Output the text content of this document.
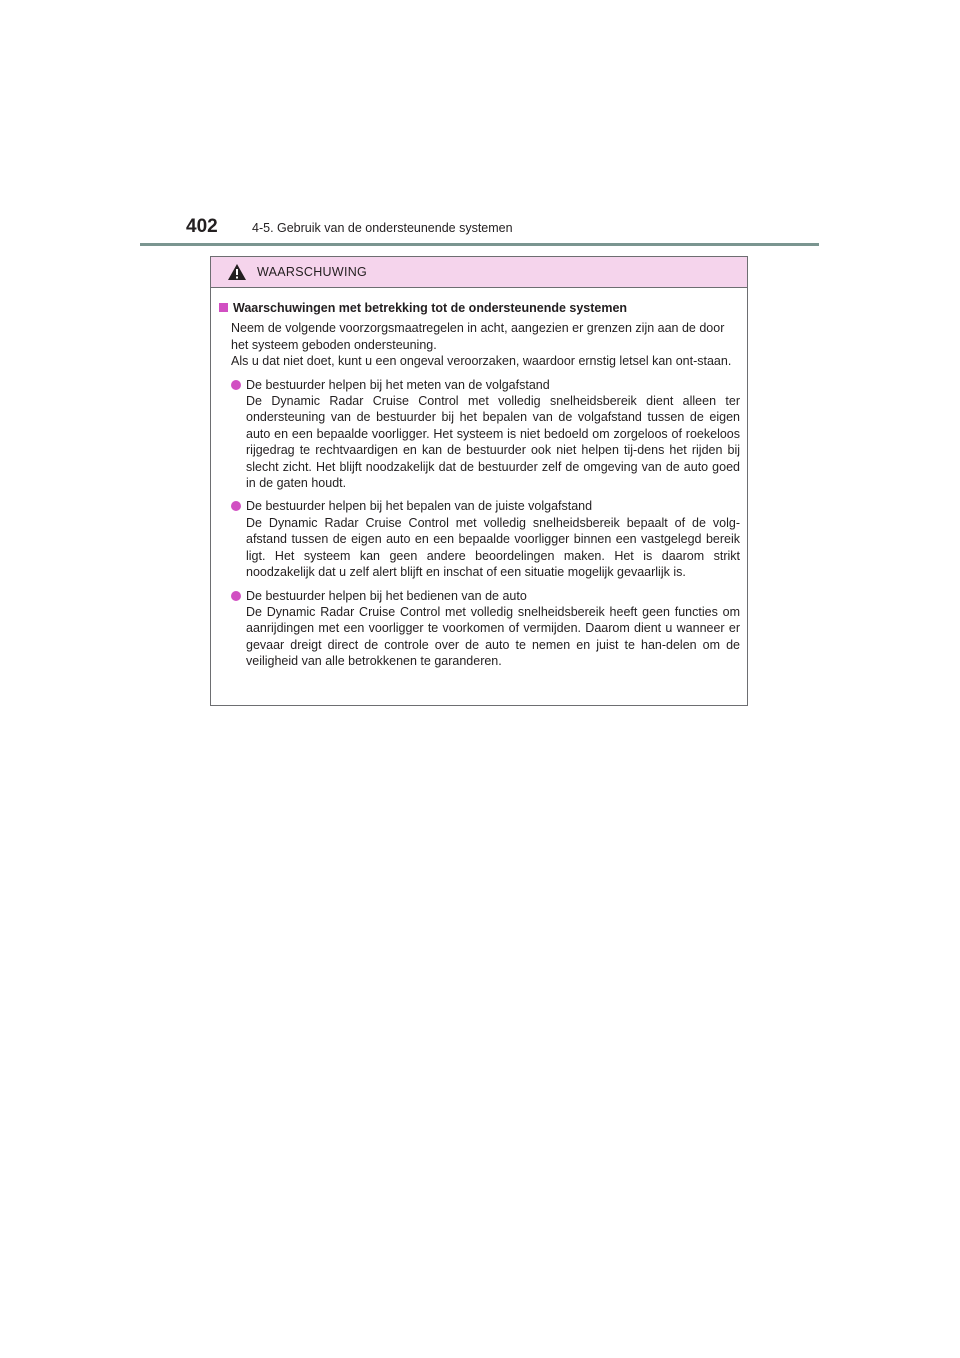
402	4-5. Gebruik van de ondersteunende systemen
WAARSCHUWING
Waarschuwingen met betrekking tot de ondersteunende systemen

Neem de volgende voorzorgsmaatregelen in acht, aangezien er grenzen zijn aan de door het systeem geboden ondersteuning.

Als u dat niet doet, kunt u een ongeval veroorzaken, waardoor ernstig letsel kan ont-staan.

De bestuurder helpen bij het meten van de volgafstand
De Dynamic Radar Cruise Control met volledig snelheidsbereik dient alleen ter ondersteuning van de bestuurder bij het bepalen van de volgafstand tussen de eigen auto en een bepaalde voorligger. Het systeem is niet bedoeld om zorgeloos of roekeloos rijgedrag te rechtvaardigen en kan de bestuurder ook niet helpen tij-dens het rijden bij slecht zicht. Het blijft noodzakelijk dat de bestuurder zelf de omgeving van de auto goed in de gaten houdt.
De bestuurder helpen bij het bepalen van de juiste volgafstand
De Dynamic Radar Cruise Control met volledig snelheidsbereik bepaalt of de volg-afstand tussen de eigen auto en een bepaalde voorligger binnen een vastgelegd bereik ligt. Het systeem kan geen andere beoordelingen maken. Het is daarom strikt noodzakelijk dat u zelf alert blijft en inschat of een situatie mogelijk gevaarlijk is.
De bestuurder helpen bij het bedienen van de auto
De Dynamic Radar Cruise Control met volledig snelheidsbereik heeft geen functies om aanrijdingen met een voorligger te voorkomen of vermijden. Daarom dient u wanneer er gevaar dreigt direct de controle over de auto te nemen en juist te han-delen om de veiligheid van alle betrokkenen te garanderen.
